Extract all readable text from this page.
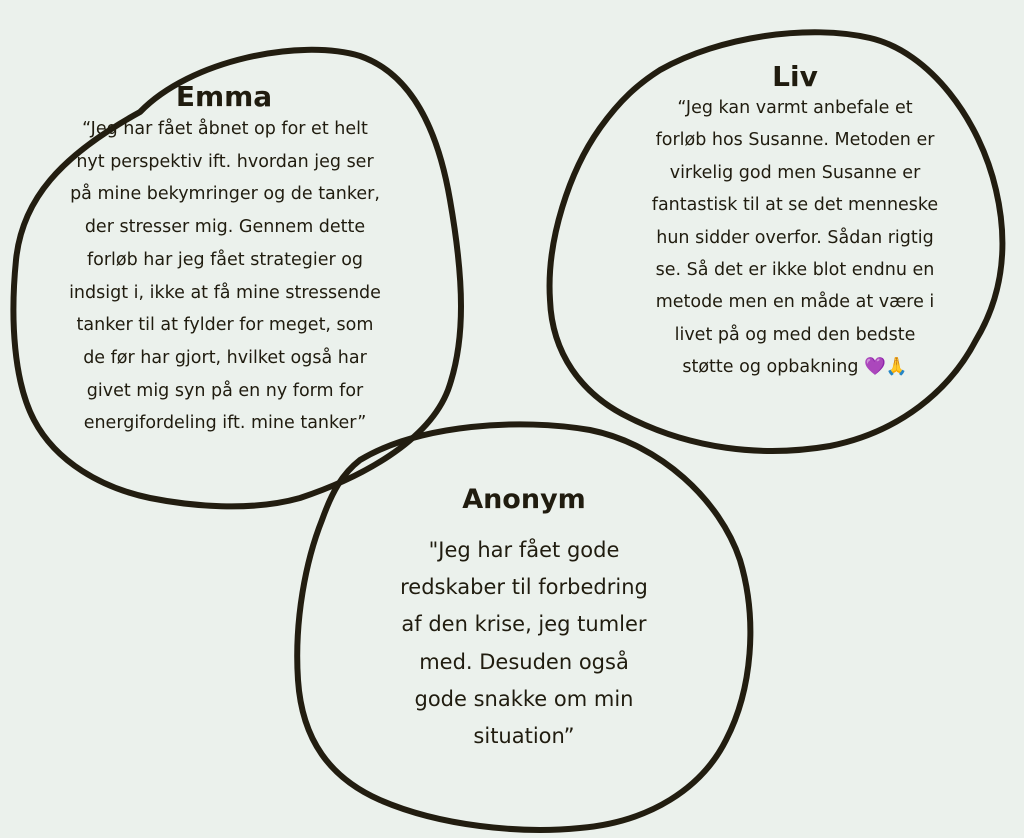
Emma

“Jeg har fået åbnet op for et helt
nyt perspektiv ift. hvordan jeg ser
på mine bekymringer og de tanker,
der stresser mig. Gennem dette
forløb har jeg fået strategier og
indsigt i, ikke at få mine stressende
tanker til at fylder for meget, som
de før har gjort, hvilket også har
givet mig syn på en ny form for
energifordeling ift. mine tanker”

Liv

“Jeg kan varmt anbefale et
forløb hos Susanne. Metoden er
virkelig god men Susanne er
fantastisk til at se det menneske
hun sidder overfor. Sådan rigtig
se. Så det er ikke blot endnu en
metode men en måde at være i
livet på og med den bedste
støtte og opbakning 💜🙏

Anonym

"Jeg har fået gode
redskaber til forbedring
af den krise, jeg tumler
med. Desuden også
gode snakke om min
situation”
